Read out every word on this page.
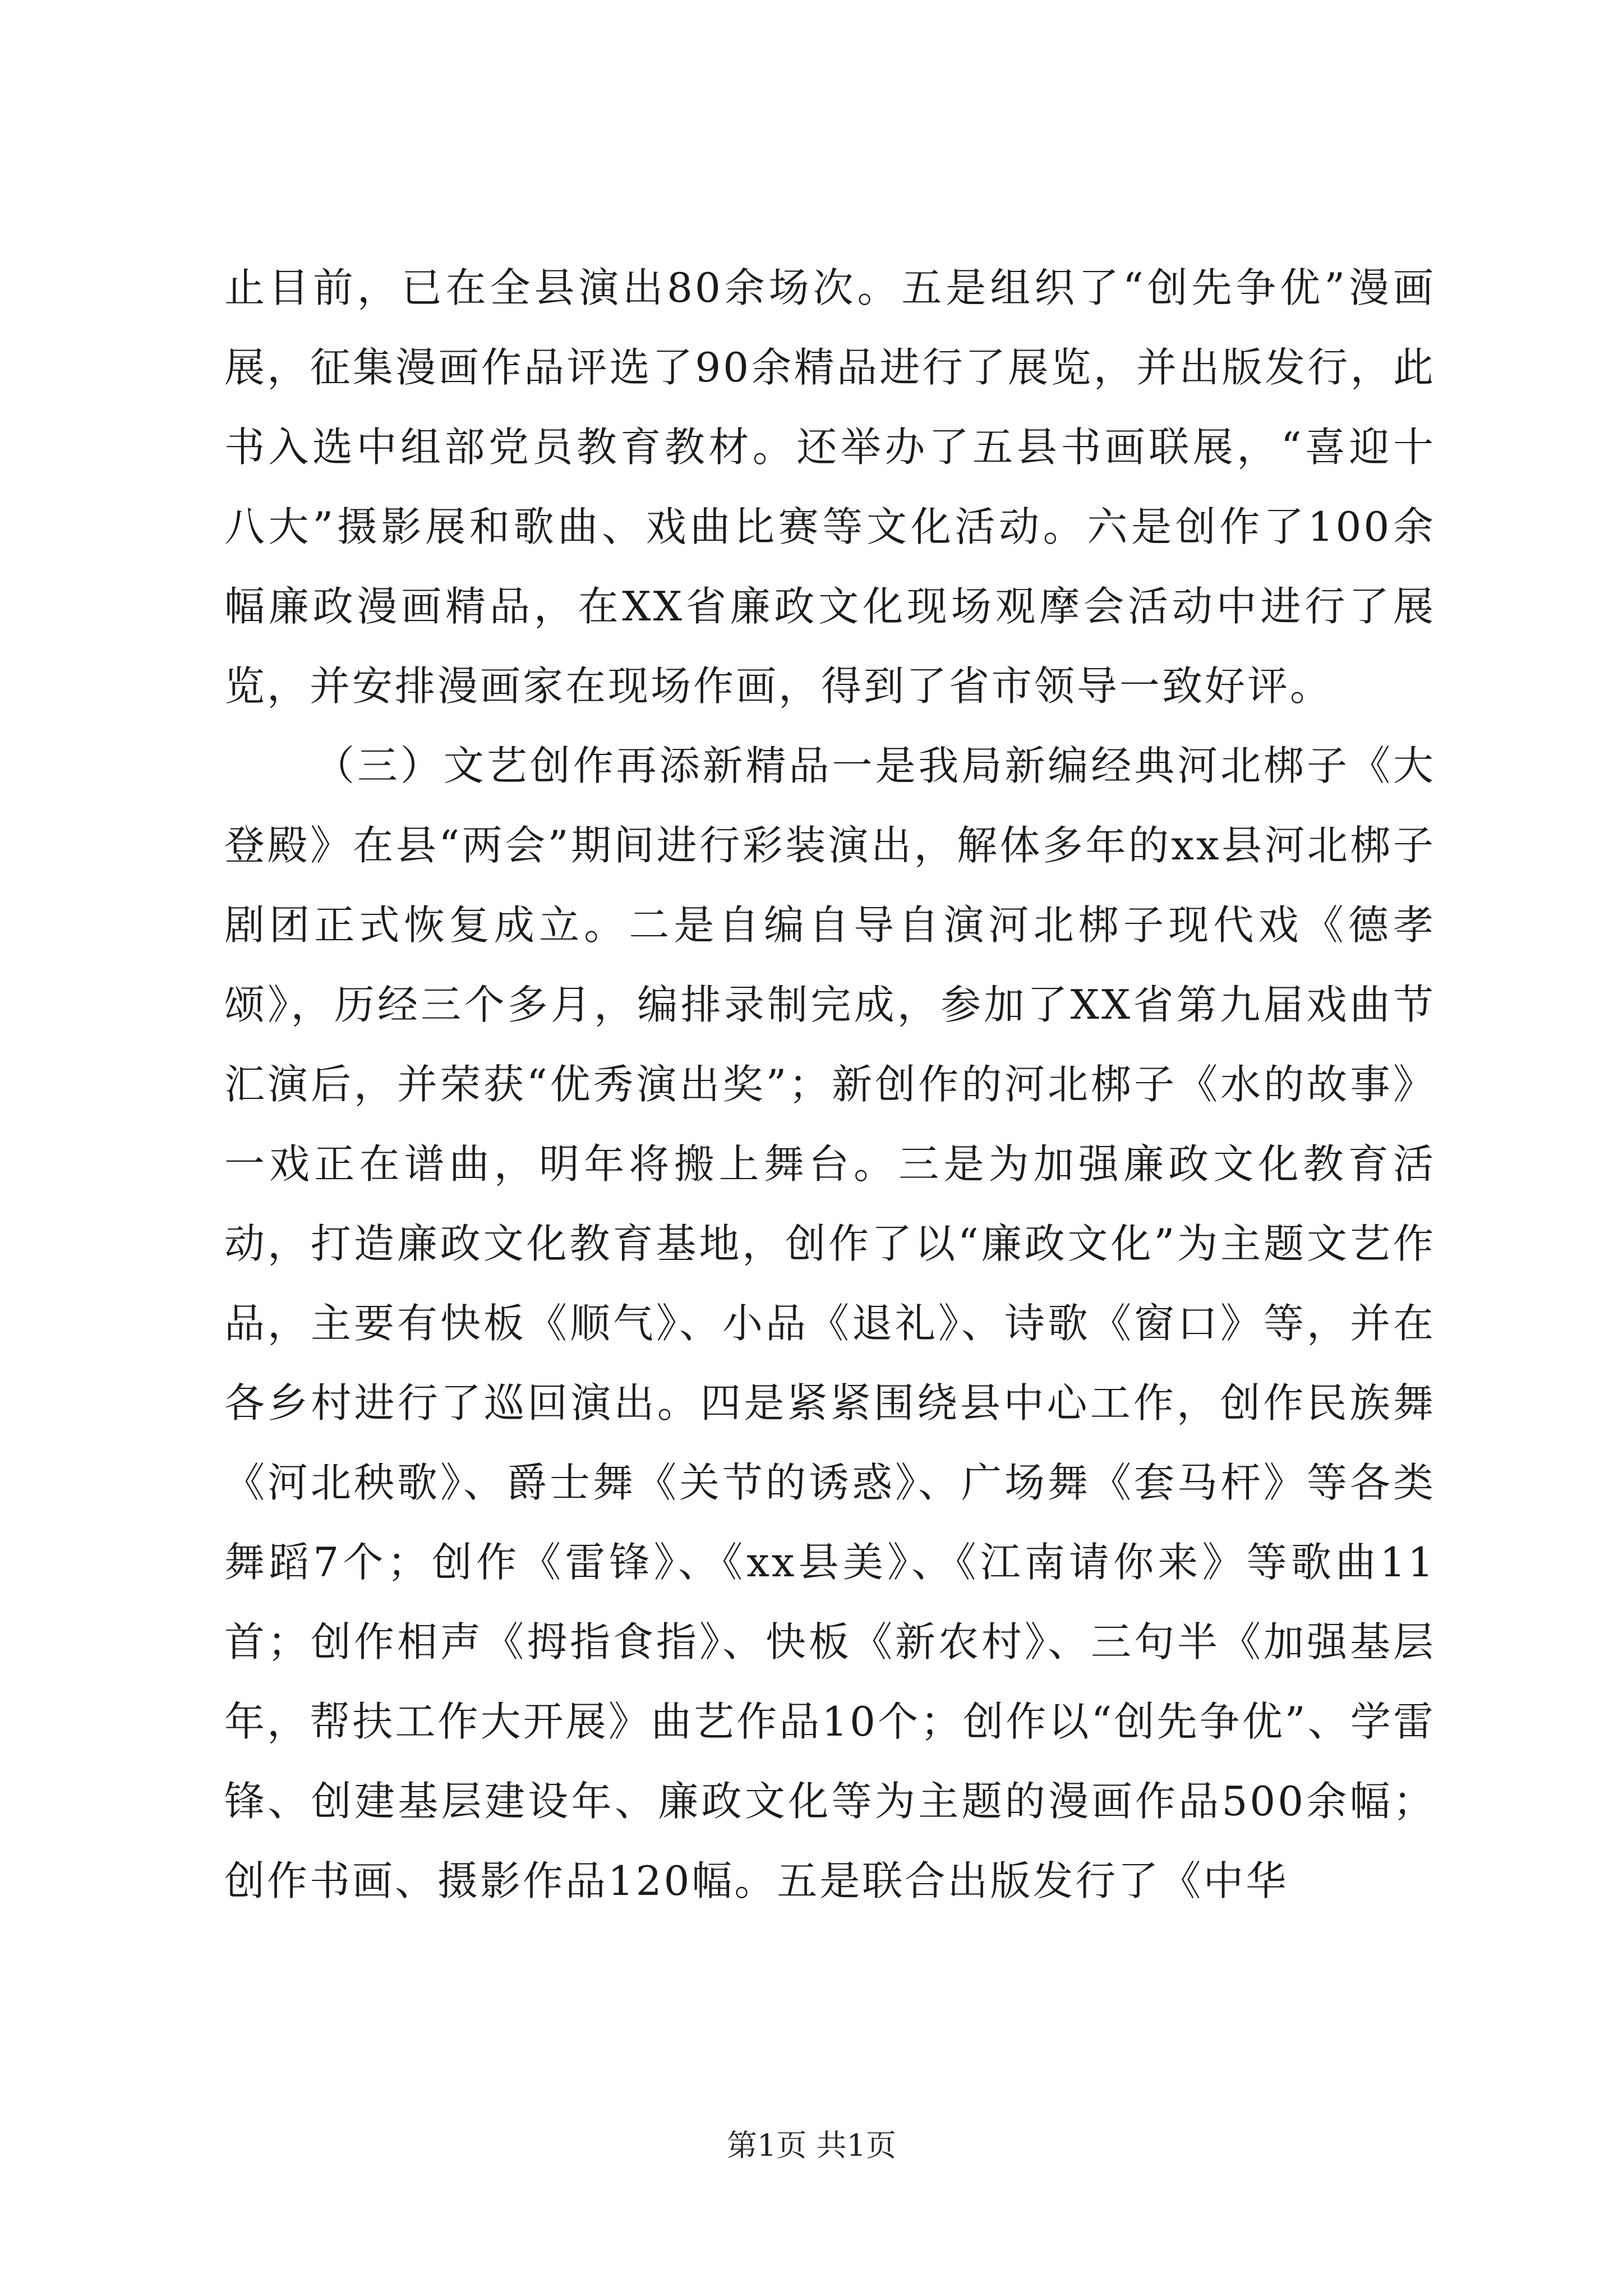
止目前，已在全县演出80余场次。五是组织了“创先争优”漫画展，征集漫画作品评选了90余精品进行了展览，并出版发行，此书入选中组部党员教育教材。还举办了五县书画联展，“喜迎十八大”摄影展和歌曲、戏曲比赛等文化活动。六是创作了100余幅廉政漫画精品，在XX省廉政文化现场观摩会活动中进行了展览，并安排漫画家在现场作画，得到了省市领导一致好评。

（三）文艺创作再添新精品一是我局新编经典河北梆子《大登殿》在县“两会”期间进行彩装演出，解体多年的xx县河北梆子剧团正式恢复成立。二是自编自导自演河北梆子现代戏《德孝颂》，历经三个多月，编排录制完成，参加了XX省第九届戏曲节汇演后，并荣获“优秀演出奖”；新创作的河北梆子《水的故事》一戏正在谱曲，明年将搬上舞台。三是为加强廉政文化教育活动，打造廉政文化教育基地，创作了以“廉政文化”为主题文艺作品，主要有快板《顺气》、小品《退礼》、诗歌《窗口》等，并在各乡村进行了巡回演出。四是紧紧围绕县中心工作，创作民族舞《河北秧歌》、爵士舞《关节的诱惑》、广场舞《套马杆》等各类舞蹈7个；创作《雷锋》、《xx县美》、《江南请你来》等歌曲11首；创作相声《拇指食指》、快板《新农村》、三句半《加强基层年，帮扶工作大开展》曲艺作品10个；创作以“创先争优”、学雷锋、创建基层建设年、廉政文化等为主题的漫画作品500余幅；创作书画、摄影作品120幅。五是联合出版发行了《中华

第1页 共1页
